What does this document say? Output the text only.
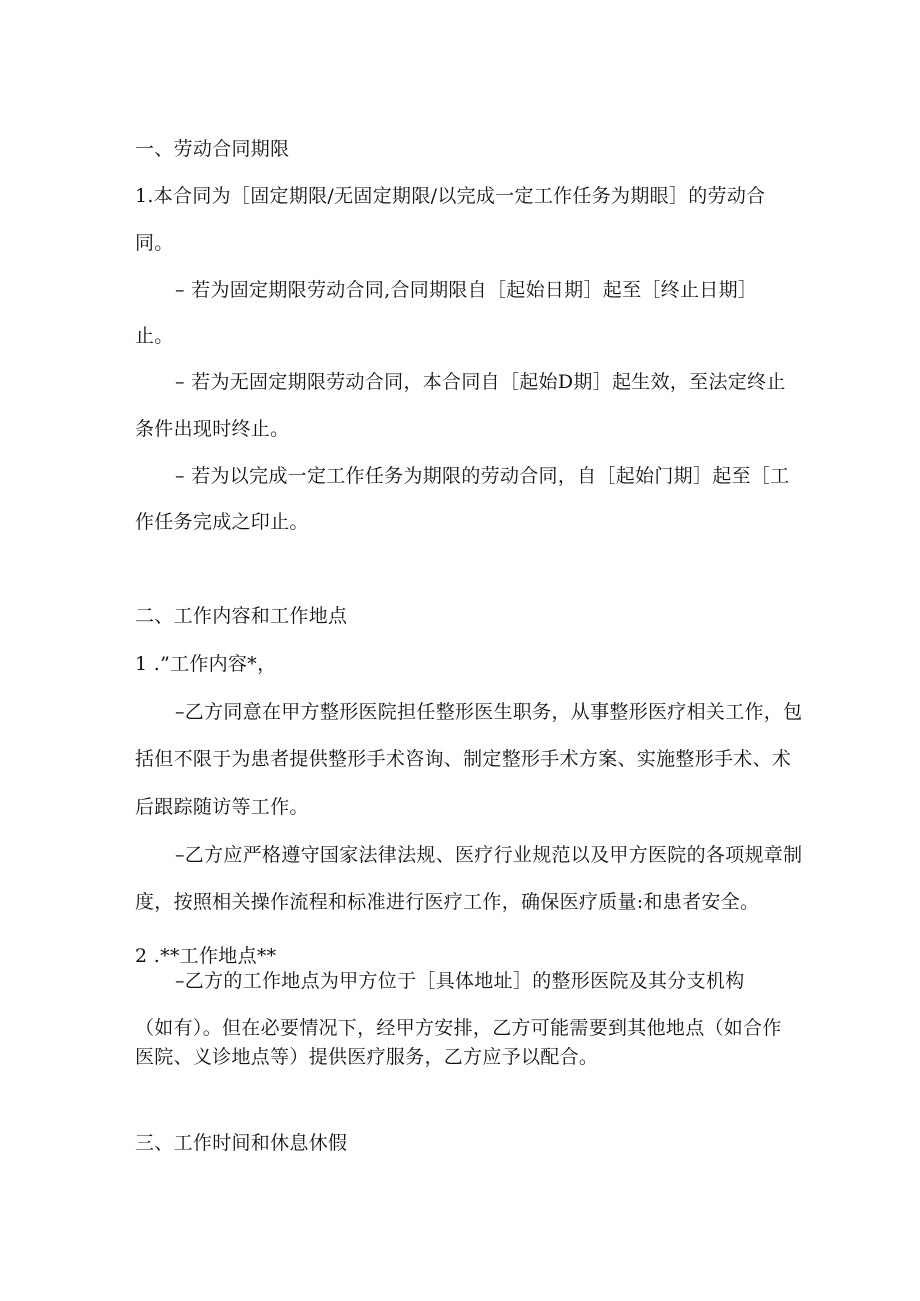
一、劳动合同期限
1.本合同为［固定期限/无固定期限/以完成一定工作任务为期眼］的劳动合
同。
– 若为固定期限劳动合同,合同期限自［起始日期］起至［终止日期］
止。
– 若为无固定期限劳动合同，本合同自［起始D期］起生效，至法定终止
条件出现时终止。
– 若为以完成一定工作任务为期限的劳动合同，自［起始门期］起至［工
作任务完成之印止。
二、工作内容和工作地点
1 .”工作内容*，
–乙方同意在甲方整形医院担任整形医生职务，从事整形医疗相关工作，包
括但不限于为患者提供整形手术咨询、制定整形手术方案、实施整形手术、术
后跟踪随访等工作。
–乙方应严格遵守国家法律法规、医疗行业规范以及甲方医院的各项规章制
度，按照相关操作流程和标准进行医疗工作，确保医疗质量:和患者安全。
2 .**工作地点**
–乙方的工作地点为甲方位于［具体地址］的整形医院及其分支机构
（如有）。但在必要情况下，经甲方安排，乙方可能需要到其他地点（如合作
医院、义诊地点等）提供医疗服务，乙方应予以配合。
三、工作时间和休息休假
